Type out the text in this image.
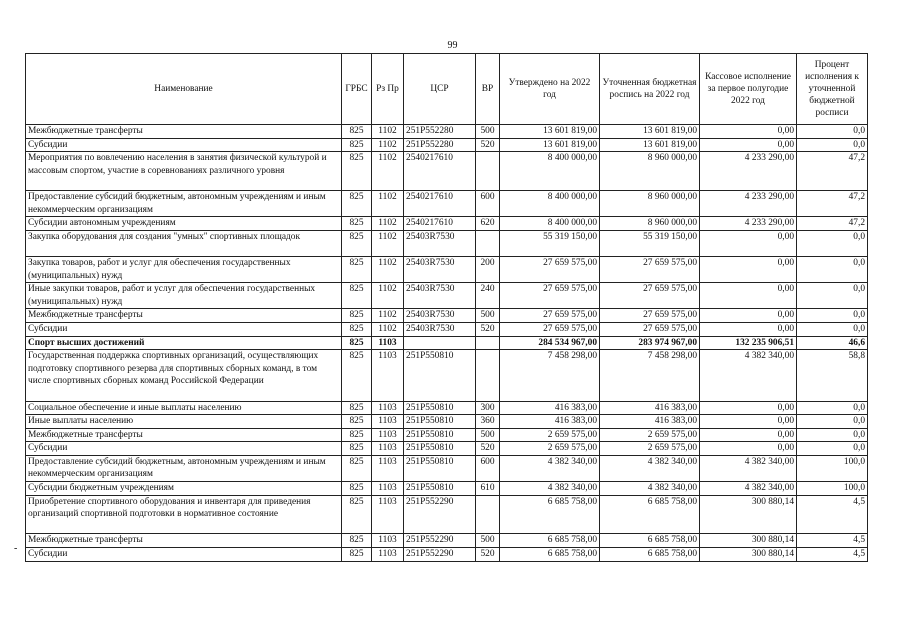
99
Наименование	ГРБС	Рз Пр	ЦСР	ВР	Утверждено на 2022 год	Уточненная бюджетная роспись на 2022 год	Кассовое исполнение за первое полугодие 2022 год	Процент исполнения к уточненной бюджетной росписи
Межбюджетные трансферты	825	1102	251P552280	500	13 601 819,00	13 601 819,00	0,00	0,0
Субсидии	825	1102	251P552280	520	13 601 819,00	13 601 819,00	0,00	0,0
Мероприятия по вовлечению населения в занятия физической культурой и массовым спортом, участие в соревнованиях различного уровня	825	1102	2540217610		8 400 000,00	8 960 000,00	4 233 290,00	47,2
Предоставление субсидий бюджетным, автономным учреждениям и иным некоммерческим организациям	825	1102	2540217610	600	8 400 000,00	8 960 000,00	4 233 290,00	47,2
Субсидии автономным учреждениям	825	1102	2540217610	620	8 400 000,00	8 960 000,00	4 233 290,00	47,2
Закупка оборудования для создания "умных" спортивных площадок	825	1102	25403R7530		55 319 150,00	55 319 150,00	0,00	0,0
Закупка товаров, работ и услуг для обеспечения государственных (муниципальных) нужд	825	1102	25403R7530	200	27 659 575,00	27 659 575,00	0,00	0,0
Иные закупки товаров, работ и услуг для обеспечения государственных (муниципальных) нужд	825	1102	25403R7530	240	27 659 575,00	27 659 575,00	0,00	0,0
Межбюджетные трансферты	825	1102	25403R7530	500	27 659 575,00	27 659 575,00	0,00	0,0
Субсидии	825	1102	25403R7530	520	27 659 575,00	27 659 575,00	0,00	0,0
Спорт высших достижений	825	1103			284 534 967,00	283 974 967,00	132 235 906,51	46,6
Государственная поддержка спортивных организаций, осуществляющих подготовку спортивного резерва для спортивных сборных команд, в том числе спортивных сборных команд Российской Федерации	825	1103	251P550810		7 458 298,00	7 458 298,00	4 382 340,00	58,8
Социальное обеспечение и иные выплаты населению	825	1103	251P550810	300	416 383,00	416 383,00	0,00	0,0
Иные выплаты населению	825	1103	251P550810	360	416 383,00	416 383,00	0,00	0,0
Межбюджетные трансферты	825	1103	251P550810	500	2 659 575,00	2 659 575,00	0,00	0,0
Субсидии	825	1103	251P550810	520	2 659 575,00	2 659 575,00	0,00	0,0
Предоставление субсидий бюджетным, автономным учреждениям и иным некоммерческим организациям	825	1103	251P550810	600	4 382 340,00	4 382 340,00	4 382 340,00	100,0
Субсидии бюджетным учреждениям	825	1103	251P550810	610	4 382 340,00	4 382 340,00	4 382 340,00	100,0
Приобретение спортивного оборудования и инвентаря для приведения организаций спортивной подготовки в нормативное состояние	825	1103	251P552290		6 685 758,00	6 685 758,00	300 880,14	4,5
Межбюджетные трансферты	825	1103	251P552290	500	6 685 758,00	6 685 758,00	300 880,14	4,5
Субсидии	825	1103	251P552290	520	6 685 758,00	6 685 758,00	300 880,14	4,5
-
